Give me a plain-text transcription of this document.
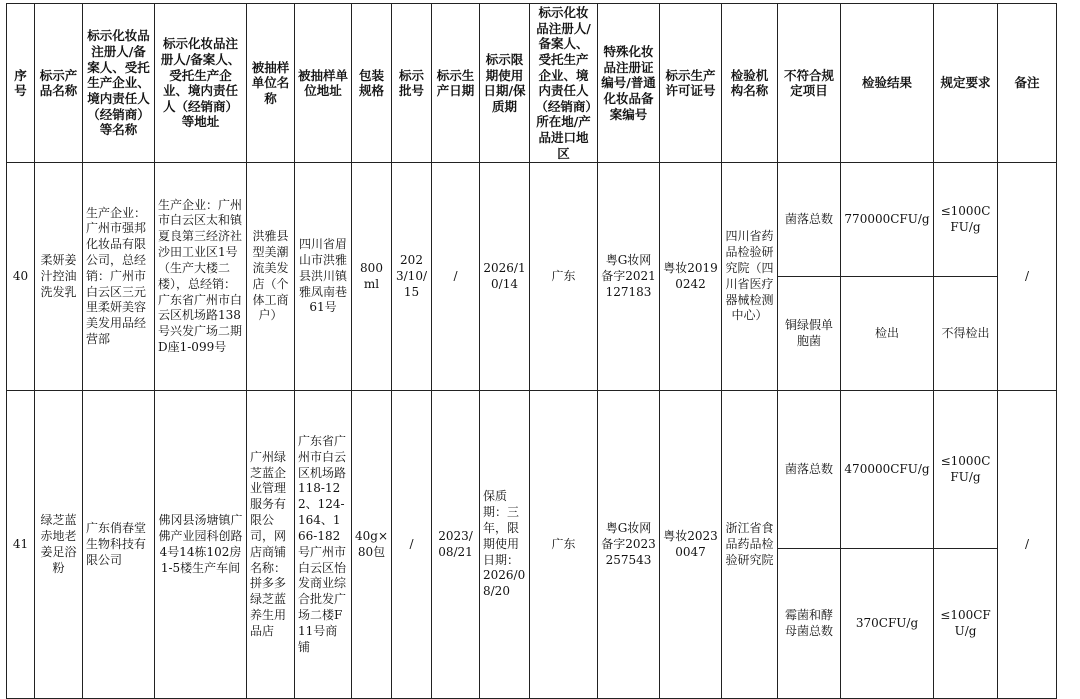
序号	标示产品名称	标示化妆品注册人/备案人、受托生产企业、境内责任人（经销商）等名称	标示化妆品注册人/备案人、受托生产企业、境内责任人（经销商）等地址	被抽样单位名称	被抽样单位地址	包装规格	标示批号	标示生产日期	标示限期使用日期/保质期	标示化妆品注册人/备案人、受托生产企业、境内责任人（经销商）所在地/产品进口地区	特殊化妆品注册证编号/普通化妆品备案编号	标示生产许可证号	检验机构名称	不符合规定项目	检验结果	规定要求	备注
40	柔妍姜汁控油洗发乳	生产企业：广州市强邦化妆品有限公司，总经销：广州市白云区三元里柔妍美容美发用品经营部	生产企业：广州市白云区太和镇夏良第三经济社沙田工业区1号（生产大楼二楼），总经销：广东省广州市白云区机场路138号兴发广场二期D座1-099号	洪雅县型美潮流美发店（个体工商户）	四川省眉山市洪雅县洪川镇雅凤南巷61号	800ml	2023/10/15	/	2026/10/14	广东	粤G妆网备字2021127183	粤妆20190242	四川省药品检验研究院（四川省医疗器械检测中心）	菌落总数	770000CFU/g	≤1000CFU/g	/
														铜绿假单胞菌	检出	不得检出	
41	绿芝蓝赤地老姜足浴粉	广东俏春堂生物科技有限公司	佛冈县汤塘镇广佛产业园科创路4号14栋102房1-5楼生产车间	广州绿芝蓝企业管理服务有限公司，网店商铺名称：拼多多绿芝蓝养生用品店	广东省广州市白云区机场路118-122、124-164、166-182号广州市白云区怡发商业综合批发广场二楼F11号商铺	40g×80包	/	2023/08/21	保质期：三年，限期使用日期：2026/08/20	广东	粤G妆网备字2023257543	粤妆20230047	浙江省食品药品检验研究院	菌落总数	470000CFU/g	≤1000CFU/g	/
														霉菌和酵母菌总数	370CFU/g	≤100CFU/g	
